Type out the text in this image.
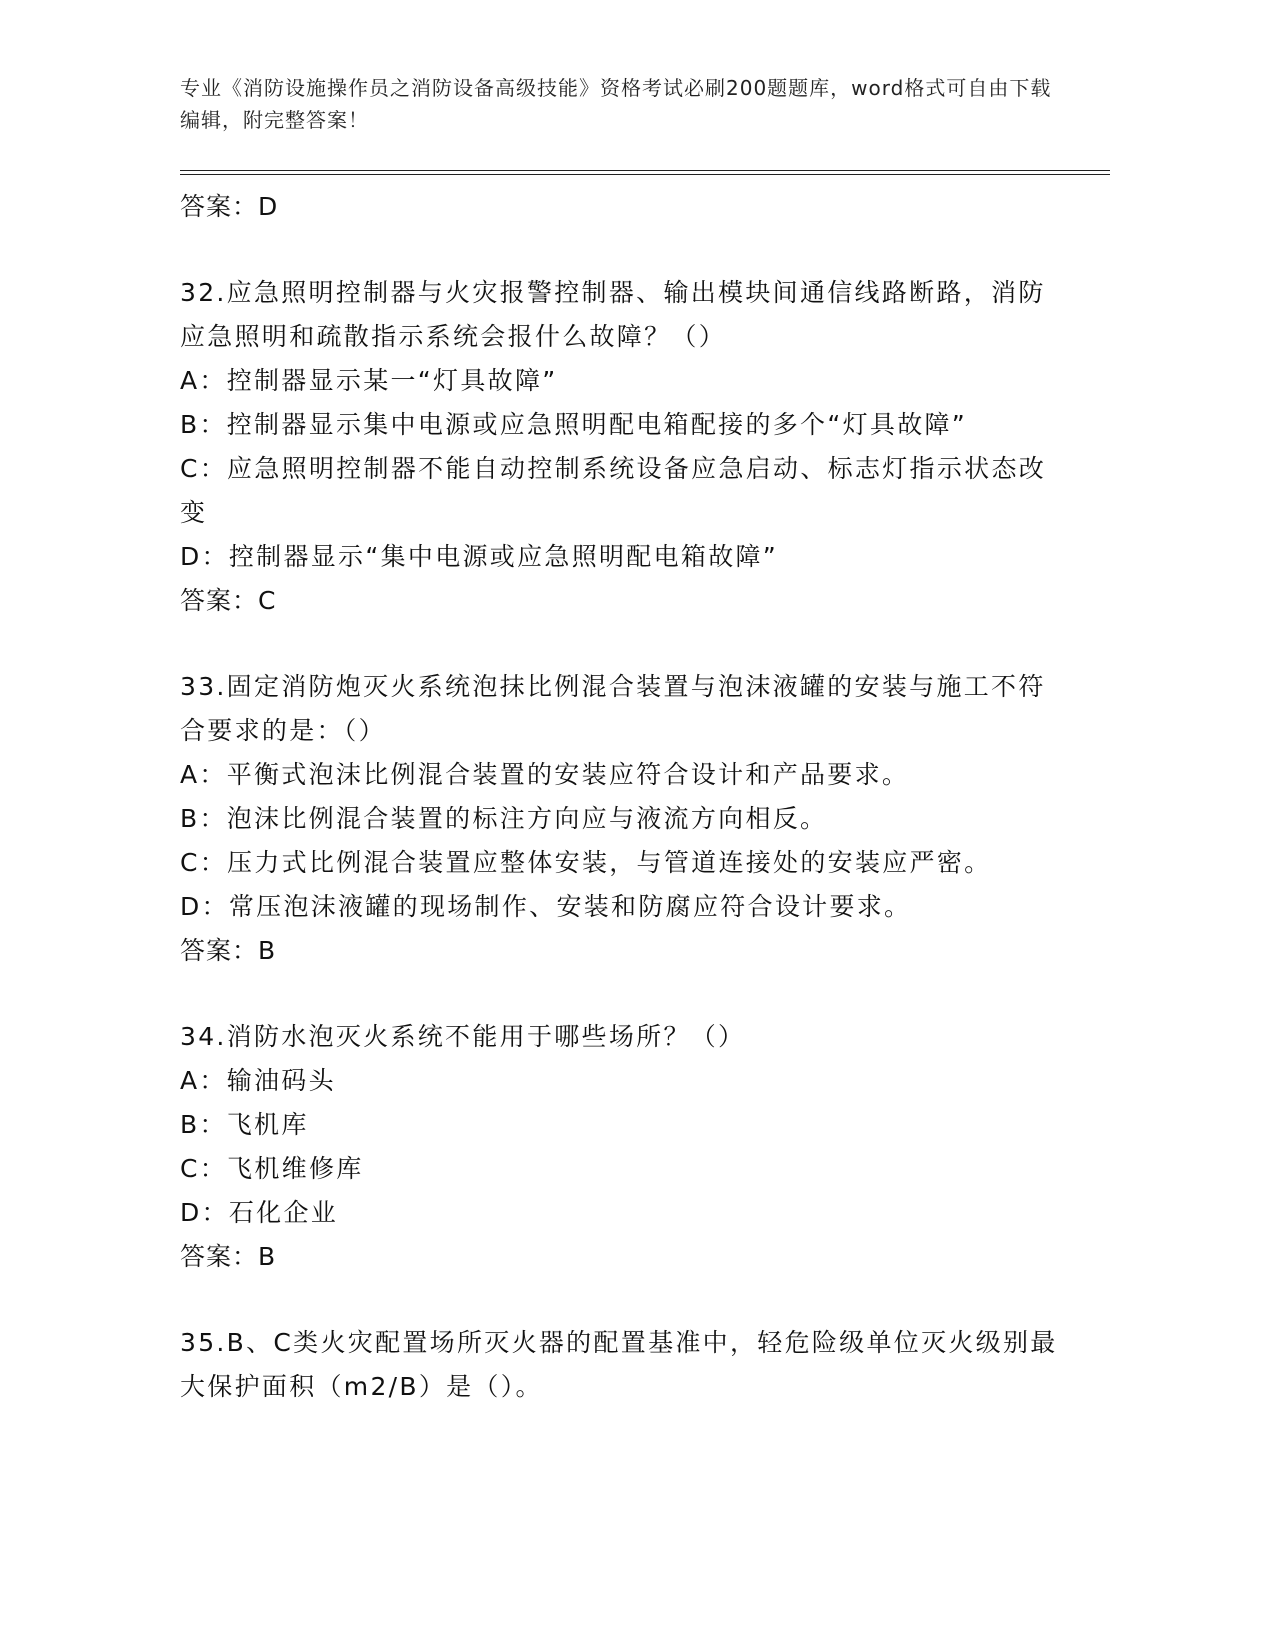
专业《消防设施操作员之消防设备高级技能》资格考试必刷200题题库，word格式可自由下载编辑，附完整答案！
答案：D
32.应急照明控制器与火灾报警控制器、输出模块间通信线路断路，消防应急照明和疏散指示系统会报什么故障？（）
A：控制器显示某一“灯具故障”
B：控制器显示集中电源或应急照明配电箱配接的多个“灯具故障”
C：应急照明控制器不能自动控制系统设备应急启动、标志灯指示状态改变
D：控制器显示“集中电源或应急照明配电箱故障”
答案：C
33.固定消防炮灭火系统泡抹比例混合装置与泡沫液罐的安装与施工不符合要求的是：（）
A：平衡式泡沫比例混合装置的安装应符合设计和产品要求。
B：泡沫比例混合装置的标注方向应与液流方向相反。
C：压力式比例混合装置应整体安装，与管道连接处的安装应严密。
D：常压泡沫液罐的现场制作、安装和防腐应符合设计要求。
答案：B
34.消防水泡灭火系统不能用于哪些场所？（）
A：输油码头
B：飞机库
C：飞机维修库
D：石化企业
答案：B
35.B、C类火灾配置场所灭火器的配置基准中，轻危险级单位灭火级别最大保护面积（m2/B）是（）。
